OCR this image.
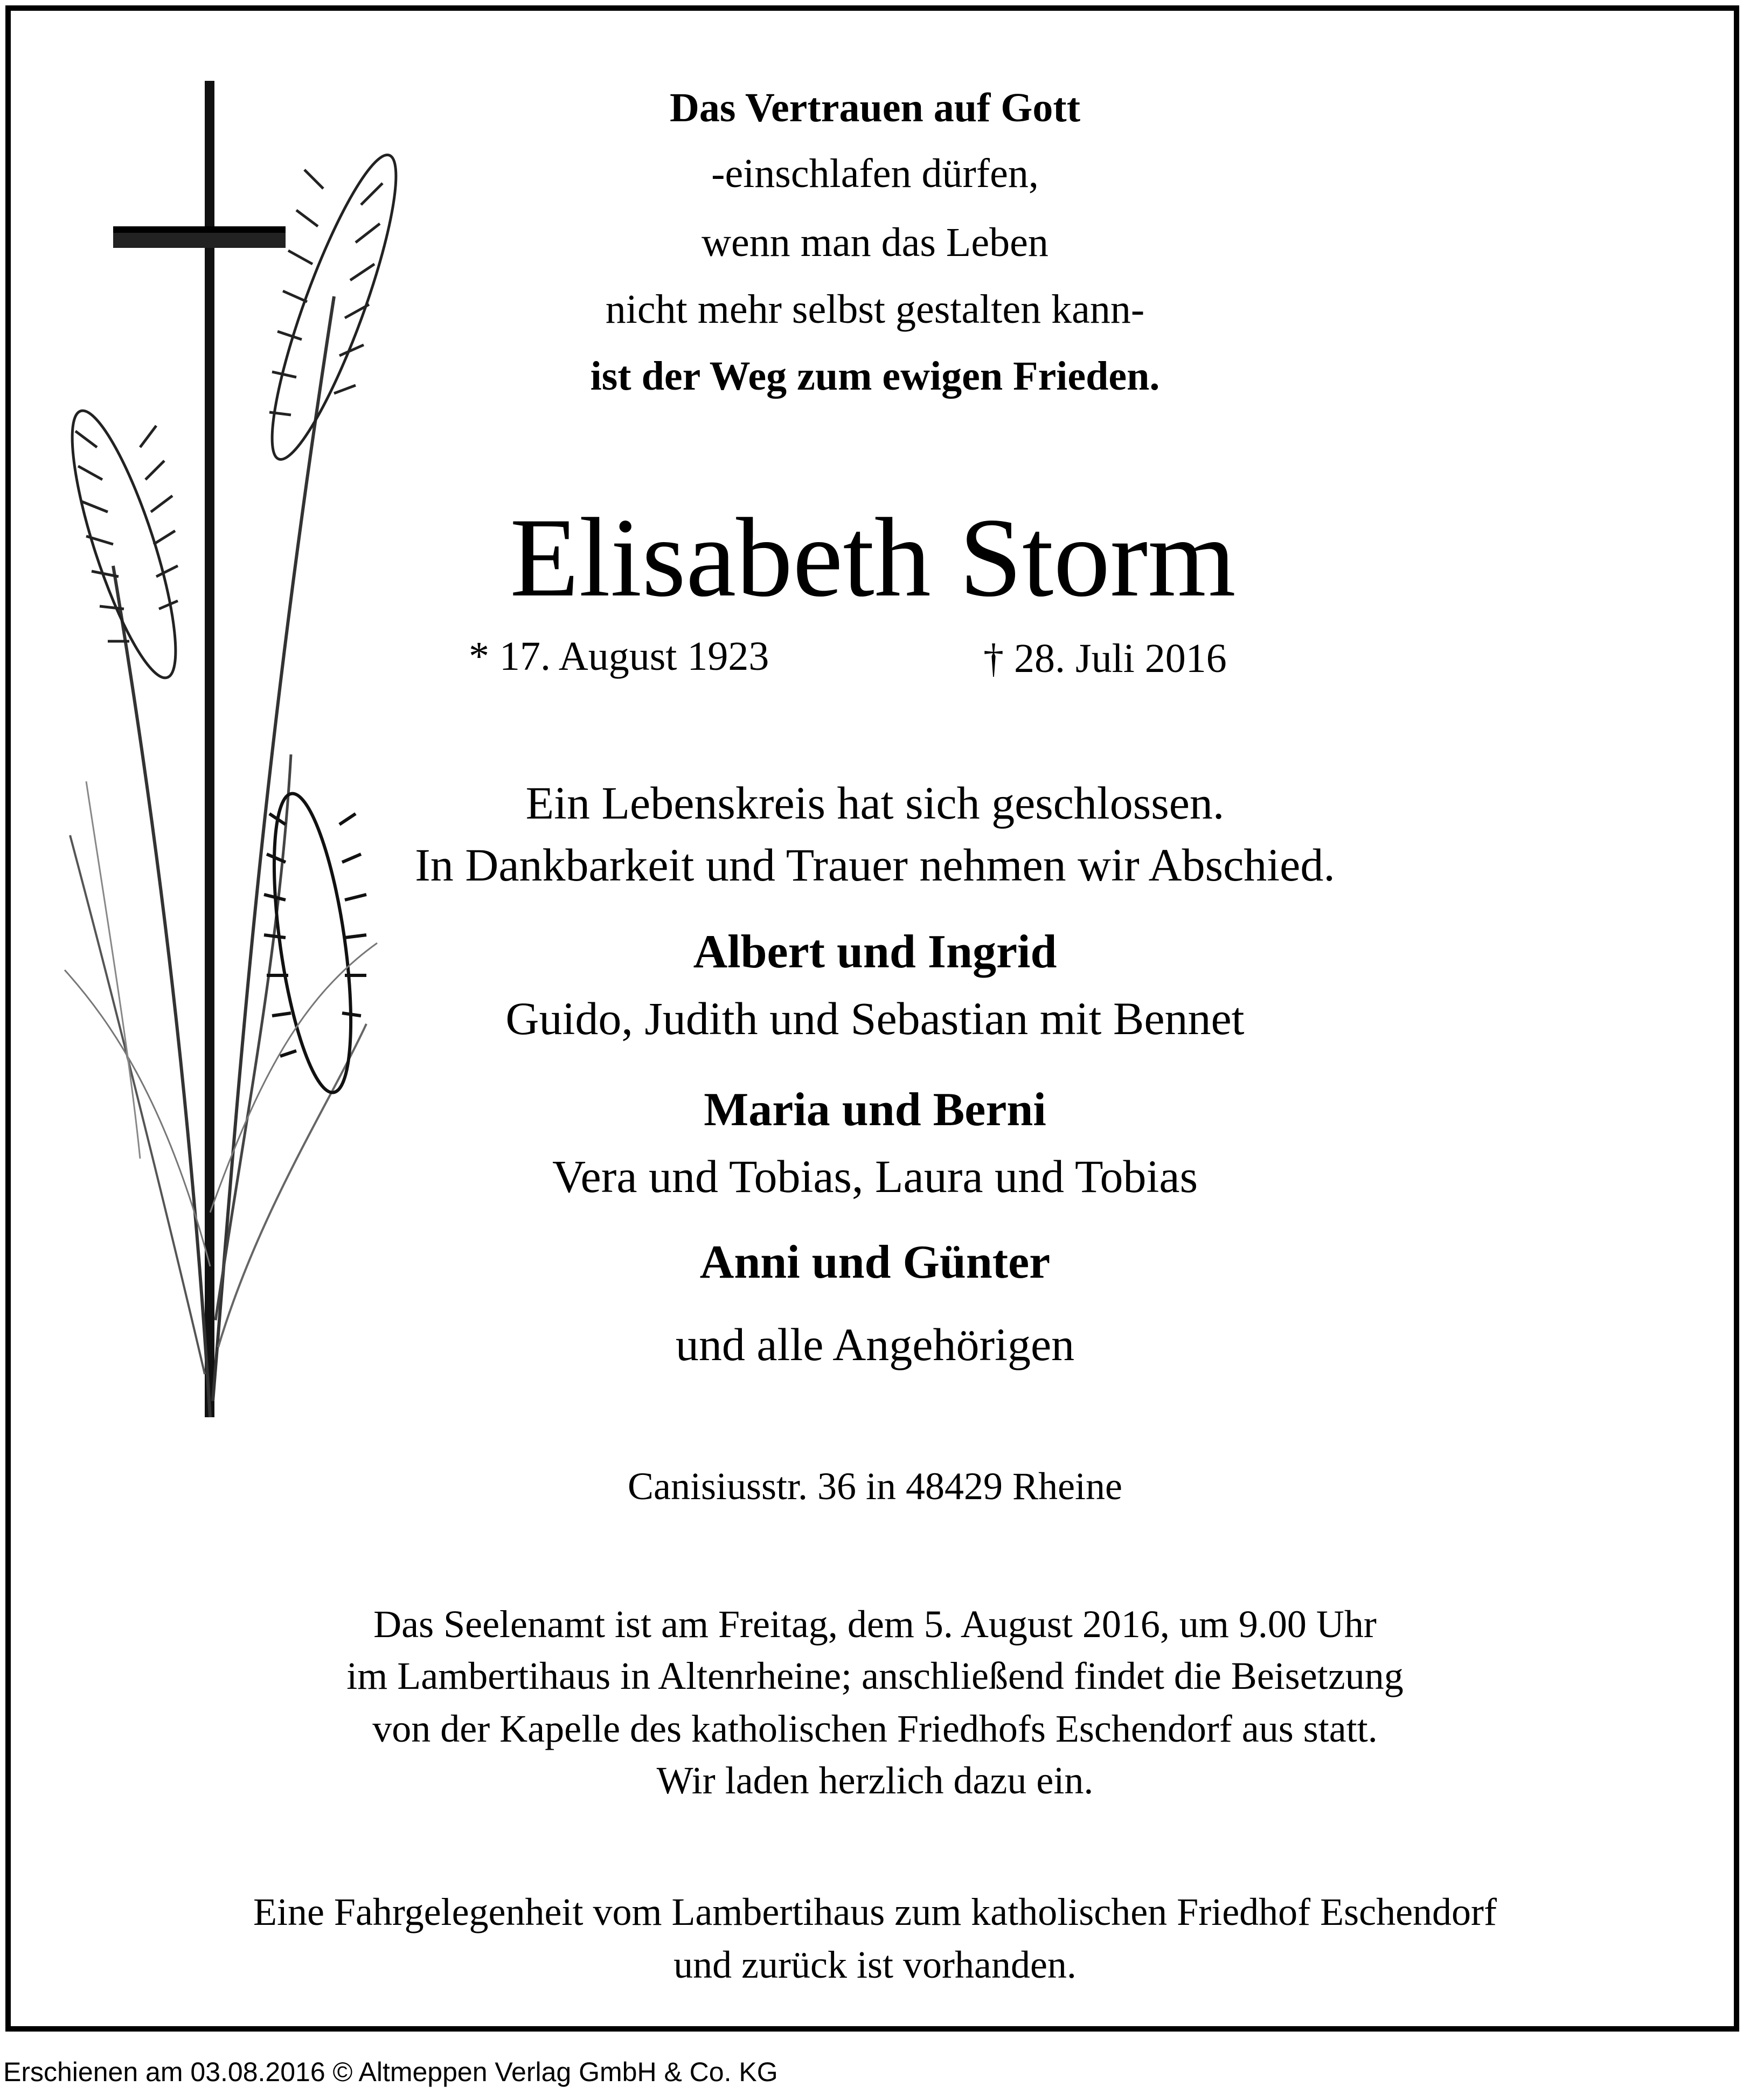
Das Vertrauen auf Gott
-einschlafen dürfen,
wenn man das Leben
nicht mehr selbst gestalten kann-
ist der Weg zum ewigen Frieden.
Elisabeth Storm
* 17. August 1923	† 28. Juli 2016
Ein Lebenskreis hat sich geschlossen.
In Dankbarkeit und Trauer nehmen wir Abschied.
Albert und Ingrid
Guido, Judith und Sebastian mit Bennet
Maria und Berni
Vera und Tobias, Laura und Tobias
Anni und Günter
und alle Angehörigen
Canisiusstr. 36 in 48429 Rheine
Das Seelenamt ist am Freitag, dem 5. August 2016, um 9.00 Uhr
im Lambertihaus in Altenrheine; anschließend findet die Beisetzung
von der Kapelle des katholischen Friedhofs Eschendorf aus statt.
Wir laden herzlich dazu ein.
Eine Fahrgelegenheit vom Lambertihaus zum katholischen Friedhof Eschendorf
und zurück ist vorhanden.
Erschienen am 03.08.2016 © Altmeppen Verlag GmbH & Co. KG
